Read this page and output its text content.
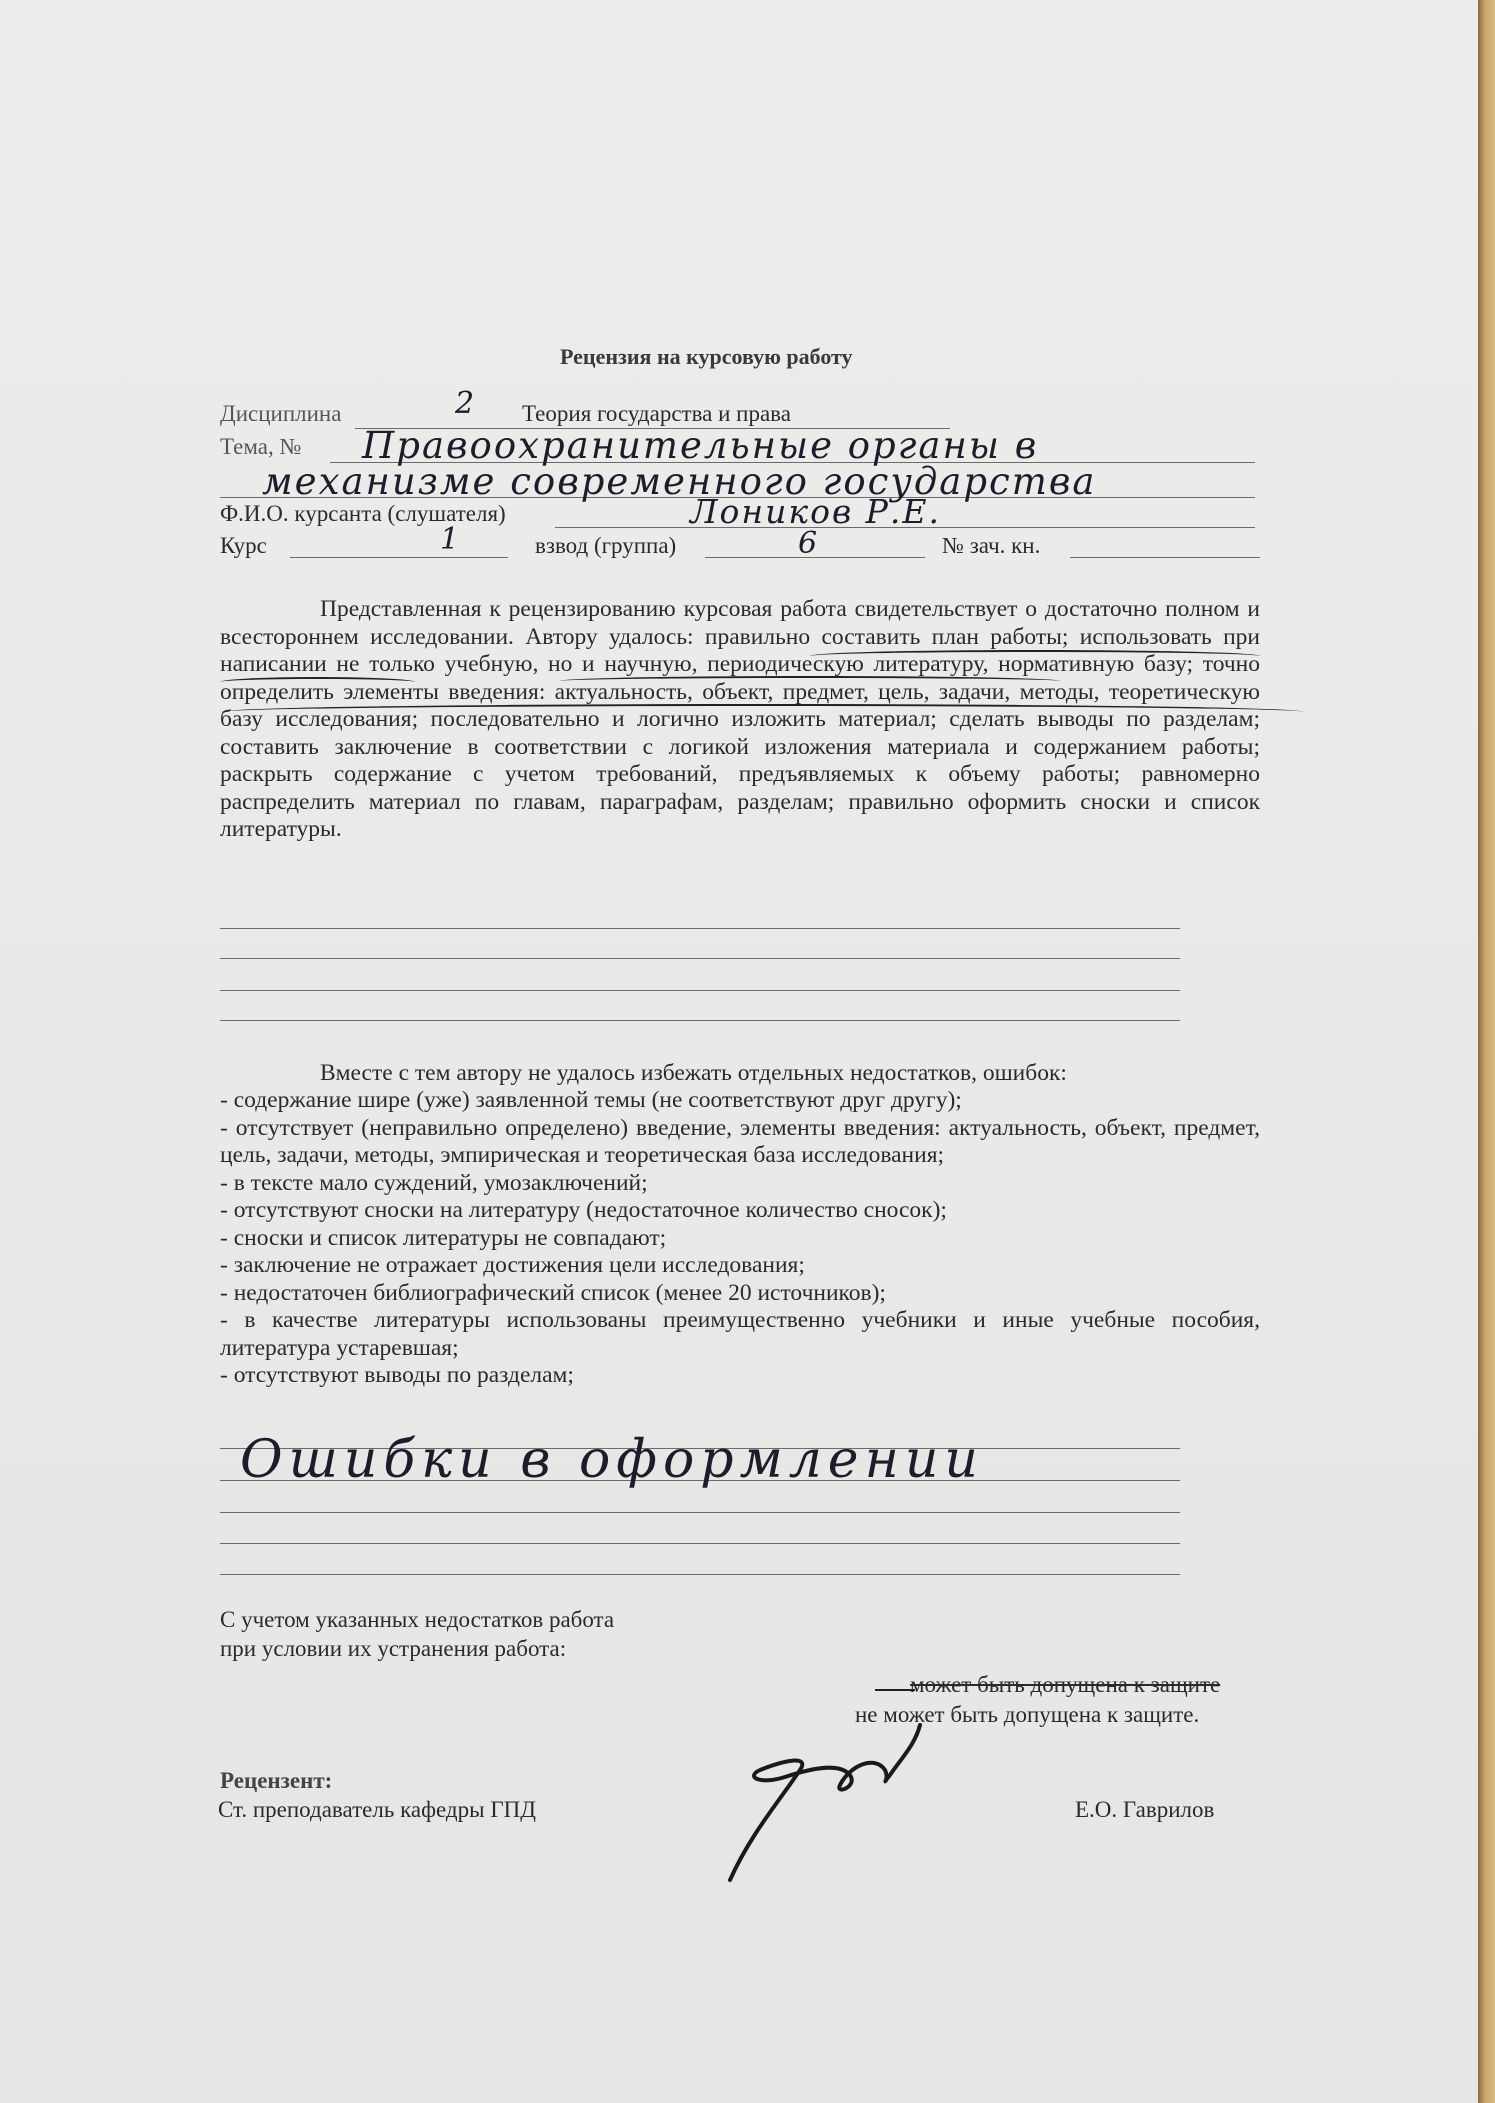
Рецензия на курсовую работу
Дисциплина	2 Теория государства и права
Тема, № Правоохранительные органы в
механизме современного государства
Ф.И.О. курсанта (слушателя)	Лоников Р.Е.
Курс	1	взвод (группа)	6	№ зач. кн.
Представленная к рецензированию курсовая работа свидетельствует о достаточно полном и всестороннем исследовании. Автору удалось: правильно составить план работы; использовать при написании не только учебную, но и научную, периодическую литературу, нормативную базу; точно определить элементы введения: актуальность, объект, предмет, цель, задачи, методы, теоретическую базу исследования; последовательно и логично изложить материал; сделать выводы по разделам; составить заключение в соответствии с логикой изложения материала и содержанием работы; раскрыть содержание с учетом требований, предъявляемых к объему работы; равномерно распределить материал по главам, параграфам, разделам; правильно оформить сноски и список литературы.
Вместе с тем автору не удалось избежать отдельных недостатков, ошибок:
- содержание шире (уже) заявленной темы (не соответствуют друг другу);
- отсутствует (неправильно определено) введение, элементы введения: актуальность, объект, предмет, цель, задачи, методы, эмпирическая и теоретическая база исследования;
- в тексте мало суждений, умозаключений;
- отсутствуют сноски на литературу (недостаточное количество сносок);
- сноски и список литературы не совпадают;
- заключение не отражает достижения цели исследования;
- недостаточен библиографический список (менее 20 источников);
- в качестве литературы использованы преимущественно учебники и иные учебные пособия, литература устаревшая;
- отсутствуют выводы по разделам;
Ошибки в оформлении
С учетом указанных недостатков работа
при условии их устранения работа:
может быть допущена к защите
не может быть допущена к защите.
Рецензент:
Ст. преподаватель кафедры ГПД	Е.О. Гаврилов
